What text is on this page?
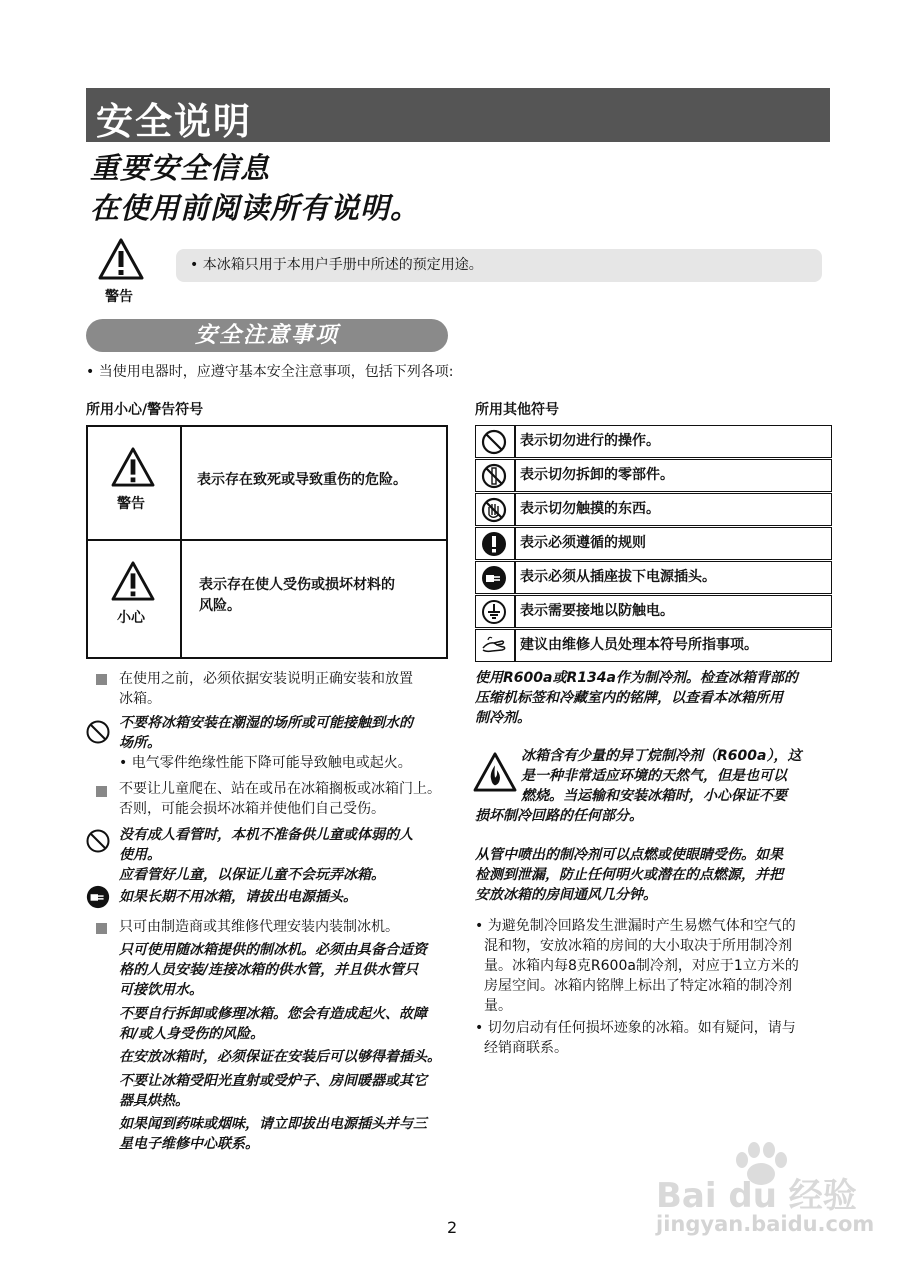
安全说明
重要安全信息
在使用前阅读所有说明。
警告
• 本冰箱只用于本用户手册中所述的预定用途。
安全注意事项
• 当使用电器时，应遵守基本安全注意事项，包括下列各项:
所用小心/警告符号
警告
表示存在致死或导致重伤的危险。
小心
表示存在使人受伤或损坏材料的
风险。
所用其他符号
表示切勿进行的操作。
表示切勿拆卸的零部件。
表示切勿触摸的东西。
表示必须遵循的规则
表示必须从插座拔下电源插头。
表示需要接地以防触电。
建议由维修人员处理本符号所指事项。
在使用之前，必须依据安装说明正确安装和放置
冰箱。
不要将冰箱安装在潮湿的场所或可能接触到水的
场所。
• 电气零件绝缘性能下降可能导致触电或起火。
不要让儿童爬在、站在或吊在冰箱搁板或冰箱门上。
否则，可能会损坏冰箱并使他们自己受伤。
没有成人看管时，本机不准备供儿童或体弱的人
使用。
应看管好儿童，以保证儿童不会玩弄冰箱。
如果长期不用冰箱，请拔出电源插头。
只可由制造商或其维修代理安装内装制冰机。
只可使用随冰箱提供的制冰机。必须由具备合适资
格的人员安装/连接冰箱的供水管，并且供水管只
可接饮用水。
不要自行拆卸或修理冰箱。您会有造成起火、故障
和/或人身受伤的风险。
在安放冰箱时，必须保证在安装后可以够得着插头。
不要让冰箱受阳光直射或受炉子、房间暖器或其它
器具烘热。
如果闻到药味或烟味，请立即拔出电源插头并与三
星电子维修中心联系。
使用R600a或R134a作为制冷剂。检查冰箱背部的
压缩机标签和冷藏室内的铭牌，以查看本冰箱所用
制冷剂。
冰箱含有少量的异丁烷制冷剂（R600a），这
是一种非常适应环境的天然气，但是也可以
燃烧。当运输和安装冰箱时，小心保证不要
损坏制冷回路的任何部分。
从管中喷出的制冷剂可以点燃或使眼睛受伤。如果
检测到泄漏，防止任何明火或潜在的点燃源，并把
安放冰箱的房间通风几分钟。
• 为避免制冷回路发生泄漏时产生易燃气体和空气的
混和物，安放冰箱的房间的大小取决于所用制冷剂
量。冰箱内每8克R600a制冷剂，对应于1立方米的
房屋空间。冰箱内铭牌上标出了特定冰箱的制冷剂
量。
• 切勿启动有任何损坏迹象的冰箱。如有疑问，请与
经销商联系。
Bai du 经验
jingyan.baidu.com
2
